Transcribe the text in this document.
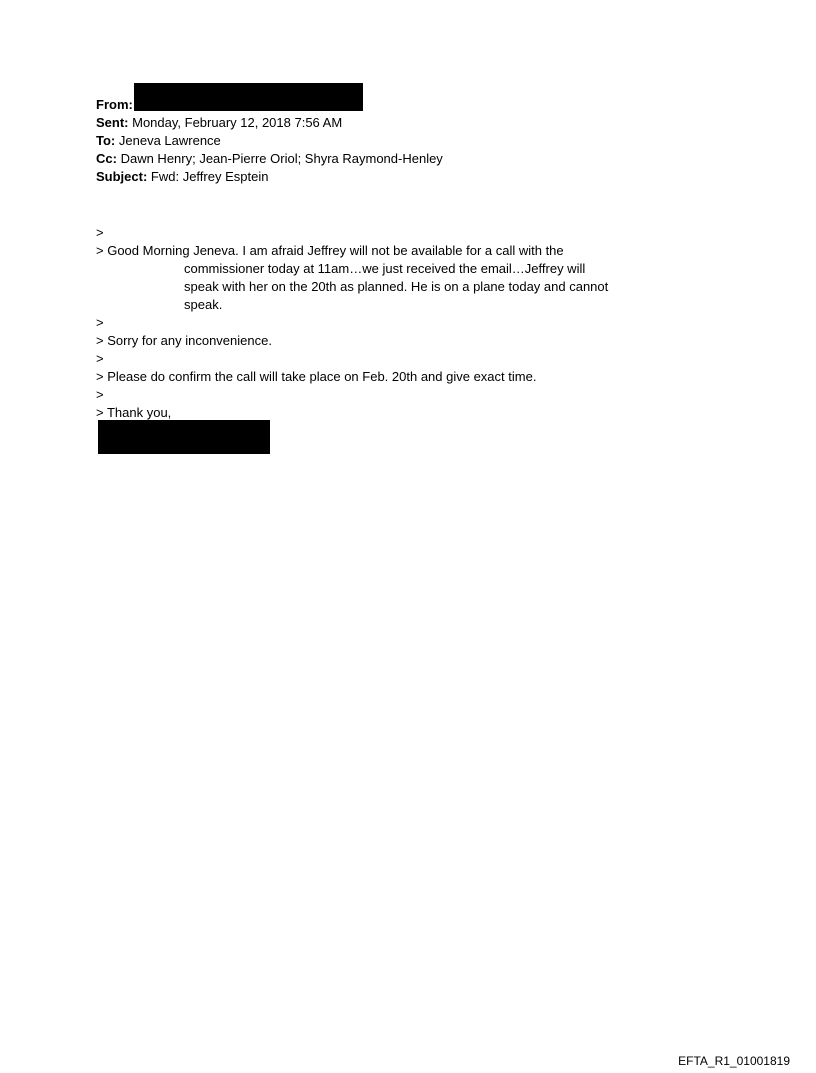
From:
Sent: Monday, February 12, 2018 7:56 AM
To: Jeneva Lawrence
Cc: Dawn Henry; Jean-Pierre Oriol; Shyra Raymond-Henley
Subject: Fwd: Jeffrey Esptein
>
> Good Morning Jeneva. I am afraid Jeffrey will not be available for a call with the
commissioner today at 11am…we just received the email…Jeffrey will
speak with her on the 20th as planned. He is on a plane today and cannot
speak.
>
> Sorry for any inconvenience.
>
> Please do confirm the call will take place on Feb. 20th and give exact time.
>
> Thank you,
EFTA_R1_01001819
